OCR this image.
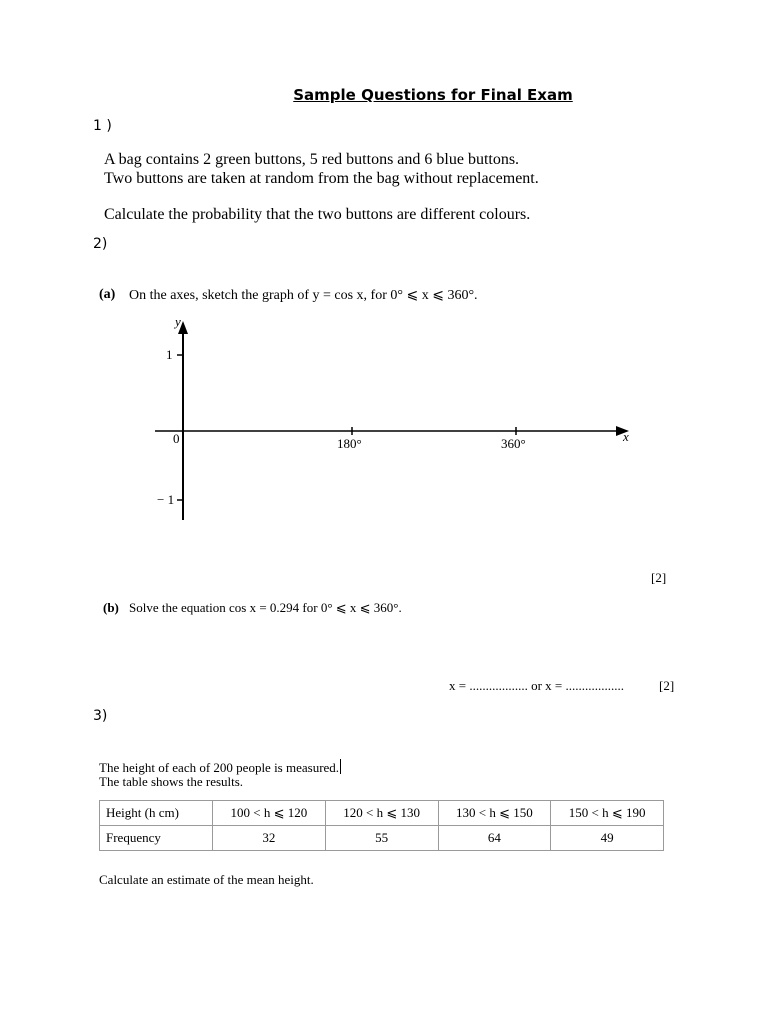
Sample Questions for Final Exam
1 )
A bag contains 2 green buttons, 5 red buttons and 6 blue buttons.
Two buttons are taken at random from the bag without replacement.
Calculate the probability that the two buttons are different colours.
2)
(a) On the axes, sketch the graph of y = cos x, for 0° ⩽ x ⩽ 360°.
y
1
0
− 1
180°	360°	x
[2]
(b) Solve the equation cos x = 0.294 for 0° ⩽ x ⩽ 360°.
x = .................. or x = ..................	[2]
3)
The height of each of 200 people is measured.
The table shows the results.
Height (h cm)	100 < h ⩽ 120	120 < h ⩽ 130	130 < h ⩽ 150	150 < h ⩽ 190
Frequency	32	55	64	49
Calculate an estimate of the mean height.
